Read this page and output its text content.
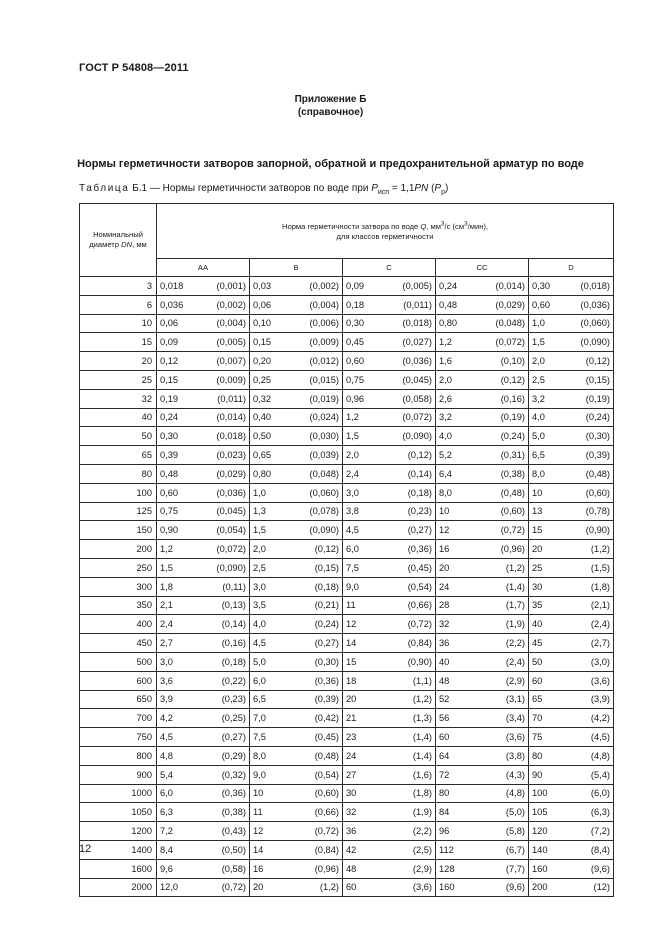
ГОСТ Р 54808—2011
Приложение Б
(справочное)
Нормы герметичности затворов запорной, обратной и предохранительной арматур по воде
Таблица Б.1 — Нормы герметичности затворов по воде при $P_{исп} = 1,1PN$ $(P_р)$
Номинальный
диаметр DN, мм	Норма герметичности затвора по воде Q, $мм^3/с$ $(см^3/мин)$,
для классов герметичности				
	AA	B	C	CC	D
3	0,018 (0,001)	0,03 (0,002)	0,09 (0,005)	0,24 (0,014)	0,30 (0,018)

6	0,036 (0,002)	0,06 (0,004)	0,18 (0,011)	0,48 (0,029)	0,60 (0,036)

10	0,06 (0,004)	0,10 (0,006)	0,30 (0,018)	0,80 (0,048)	1,0 (0,060)

15	0,09 (0,005)	0,15 (0,009)	0,45 (0,027)	1,2 (0,072)	1,5 (0,090)

20	0,12 (0,007)	0,20 (0,012)	0,60 (0,036)	1,6 (0,10)	2,0 (0,12)

25	0,15 (0,009)	0,25 (0,015)	0,75 (0,045)	2,0 (0,12)	2,5 (0,15)

32	0,19 (0,011)	0,32 (0,019)	0,96 (0,058)	2,6 (0,16)	3,2 (0,19)

40	0,24 (0,014)	0,40 (0,024)	1,2 (0,072)	3,2 (0,19)	4,0 (0,24)

50	0,30 (0,018)	0,50 (0,030)	1,5 (0,090)	4,0 (0,24)	5,0 (0,30)

65	0,39 (0,023)	0,65 (0,039)	2,0 (0,12)	5,2 (0,31)	6,5 (0,39)

80	0,48 (0,029)	0,80 (0,048)	2,4 (0,14)	6,4 (0,38)	8,0 (0,48)

100	0,60 (0,036)	1,0 (0,060)	3,0 (0,18)	8,0 (0,48)	10 (0,60)

125	0,75 (0,045)	1,3 (0,078)	3,8 (0,23)	10 (0,60)	13 (0,78)

150	0,90 (0,054)	1,5 (0,090)	4,5 (0,27)	12 (0,72)	15 (0,90)

200	1,2 (0,072)	2,0 (0,12)	6,0 (0,36)	16 (0,96)	20 (1,2)

250	1,5 (0,090)	2,5 (0,15)	7,5 (0,45)	20 (1,2)	25 (1,5)

300	1,8 (0,11)	3,0 (0,18)	9,0 (0,54)	24 (1,4)	30 (1,8)

350	2,1 (0,13)	3,5 (0,21)	11 (0,66)	28 (1,7)	35 (2,1)

400	2,4 (0,14)	4,0 (0,24)	12 (0,72)	32 (1,9)	40 (2,4)

450	2,7 (0,16)	4,5 (0,27)	14 (0,84)	36 (2,2)	45 (2,7)

500	3,0 (0,18)	5,0 (0,30)	15 (0,90)	40 (2,4)	50 (3,0)

600	3,6 (0,22)	6,0 (0,36)	18 (1,1)	48 (2,9)	60 (3,6)

650	3,9 (0,23)	6,5 (0,39)	20 (1,2)	52 (3,1)	65 (3,9)

700	4,2 (0,25)	7,0 (0,42)	21 (1,3)	56 (3,4)	70 (4,2)

750	4,5 (0,27)	7,5 (0,45)	23 (1,4)	60 (3,6)	75 (4,5)

800	4,8 (0,29)	8,0 (0,48)	24 (1,4)	64 (3,8)	80 (4,8)

900	5,4 (0,32)	9,0 (0,54)	27 (1,6)	72 (4,3)	90 (5,4)

1000	6,0 (0,36)	10 (0,60)	30 (1,8)	80 (4,8)	100 (6,0)

1050	6,3 (0,38)	11 (0,66)	32 (1,9)	84 (5,0)	105 (6,3)

1200	7,2 (0,43)	12 (0,72)	36 (2,2)	96 (5,8)	120 (7,2)

1400	8,4 (0,50)	14 (0,84)	42 (2,5)	112 (6,7)	140 (8,4)

1600	9,6 (0,58)	16 (0,96)	48 (2,9)	128 (7,7)	160 (9,6)

2000	12,0 (0,72)	20 (1,2)	60 (3,6)	160 (9,6)	200 (12)
12
